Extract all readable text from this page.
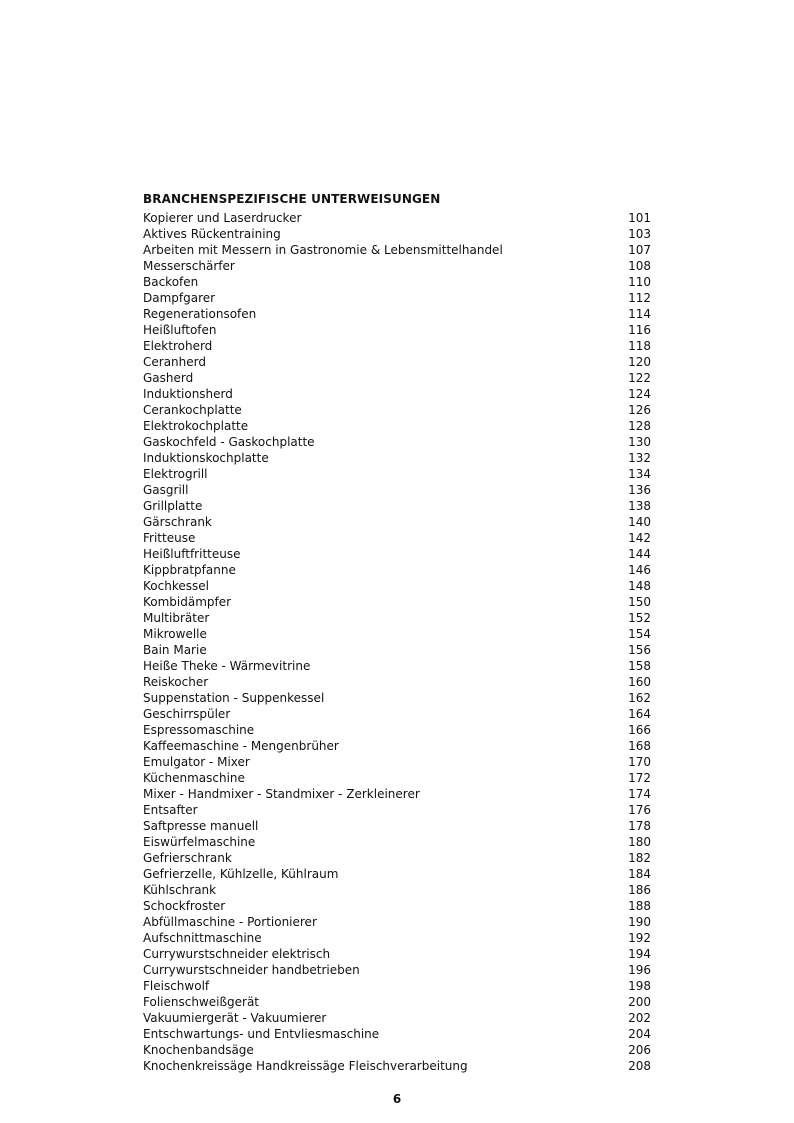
BRANCHENSPEZIFISCHE UNTERWEISUNGEN
Kopierer und Laserdrucker	101
Aktives Rückentraining	103
Arbeiten mit Messern in Gastronomie & Lebensmittelhandel	107
Messerschärfer	108
Backofen	110
Dampfgarer	112
Regenerationsofen	114
Heißluftofen	116
Elektroherd	118
Ceranherd	120
Gasherd	122
Induktionsherd	124
Cerankochplatte	126
Elektrokochplatte	128
Gaskochfeld - Gaskochplatte	130
Induktionskochplatte	132
Elektrogrill	134
Gasgrill	136
Grillplatte	138
Gärschrank	140
Fritteuse	142
Heißluftfritteuse	144
Kippbratpfanne	146
Kochkessel	148
Kombidämpfer	150
Multibräter	152
Mikrowelle	154
Bain Marie	156
Heiße Theke - Wärmevitrine	158
Reiskocher	160
Suppenstation - Suppenkessel	162
Geschirrspüler	164
Espressomaschine	166
Kaffeemaschine - Mengenbrüher	168
Emulgator - Mixer	170
Küchenmaschine	172
Mixer - Handmixer - Standmixer - Zerkleinerer	174
Entsafter	176
Saftpresse manuell	178
Eiswürfelmaschine	180
Gefrierschrank	182
Gefrierzelle, Kühlzelle, Kühlraum	184
Kühlschrank	186
Schockfroster	188
Abfüllmaschine - Portionierer	190
Aufschnittmaschine	192
Currywurstschneider elektrisch	194
Currywurstschneider handbetrieben	196
Fleischwolf	198
Folienschweißgerät	200
Vakuumiergerät - Vakuumierer	202
Entschwartungs- und Entvliesmaschine	204
Knochenbandsäge	206
Knochenkreissäge Handkreissäge Fleischverarbeitung	208
6
